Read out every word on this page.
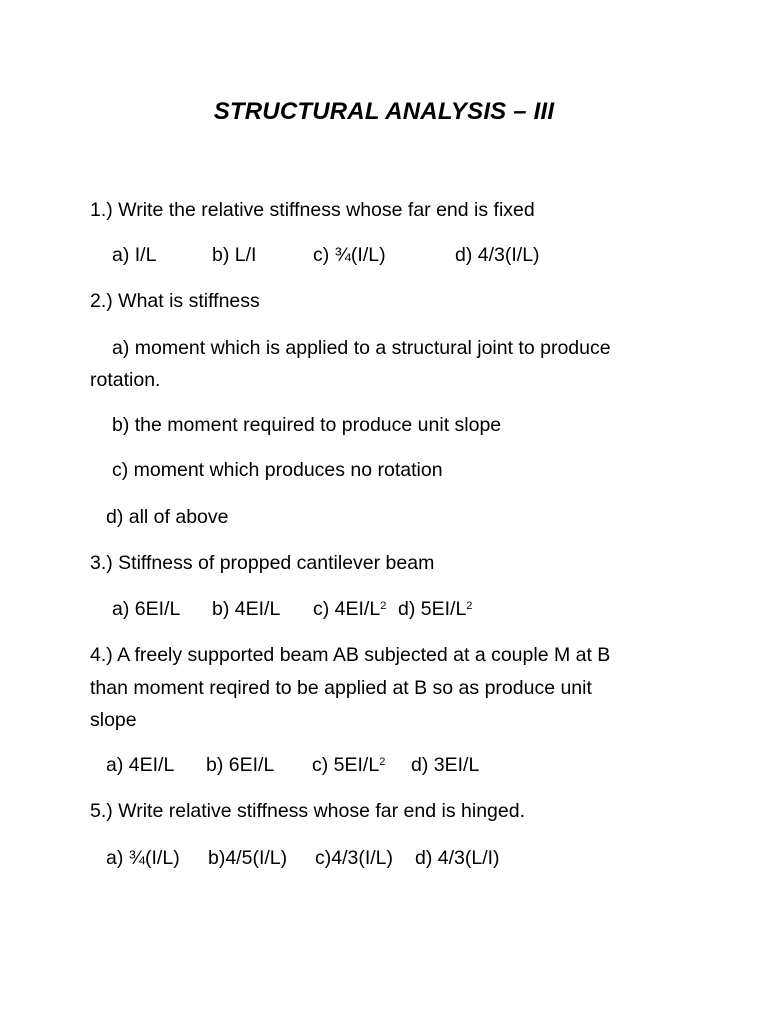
STRUCTURAL ANALYSIS – III
1.) Write the relative stiffness whose far end is fixed
a) I/L	b) L/I	c) ¾(I/L)	d) 4/3(I/L)
2.) What is stiffness
a) moment which is applied to a structural joint to produce
rotation.
b) the moment required to produce unit slope
c) moment which produces no rotation
d) all of above
3.) Stiffness of propped cantilever beam
a) 6EI/L b) 4EI/L c) $4EI/L^2$ d) $5EI/L^2$
4.) A freely supported beam AB subjected at a couple M at B
than moment reqired to be applied at B so as produce unit
slope
a) 4EI/L b) 6EI/L c) $5EI/L^2$ d) 3EI/L
5.) Write relative stiffness whose far end is hinged.
a) ¾(I/L) b)4/5(I/L) c)4/3(I/L) d) 4/3(L/I)
